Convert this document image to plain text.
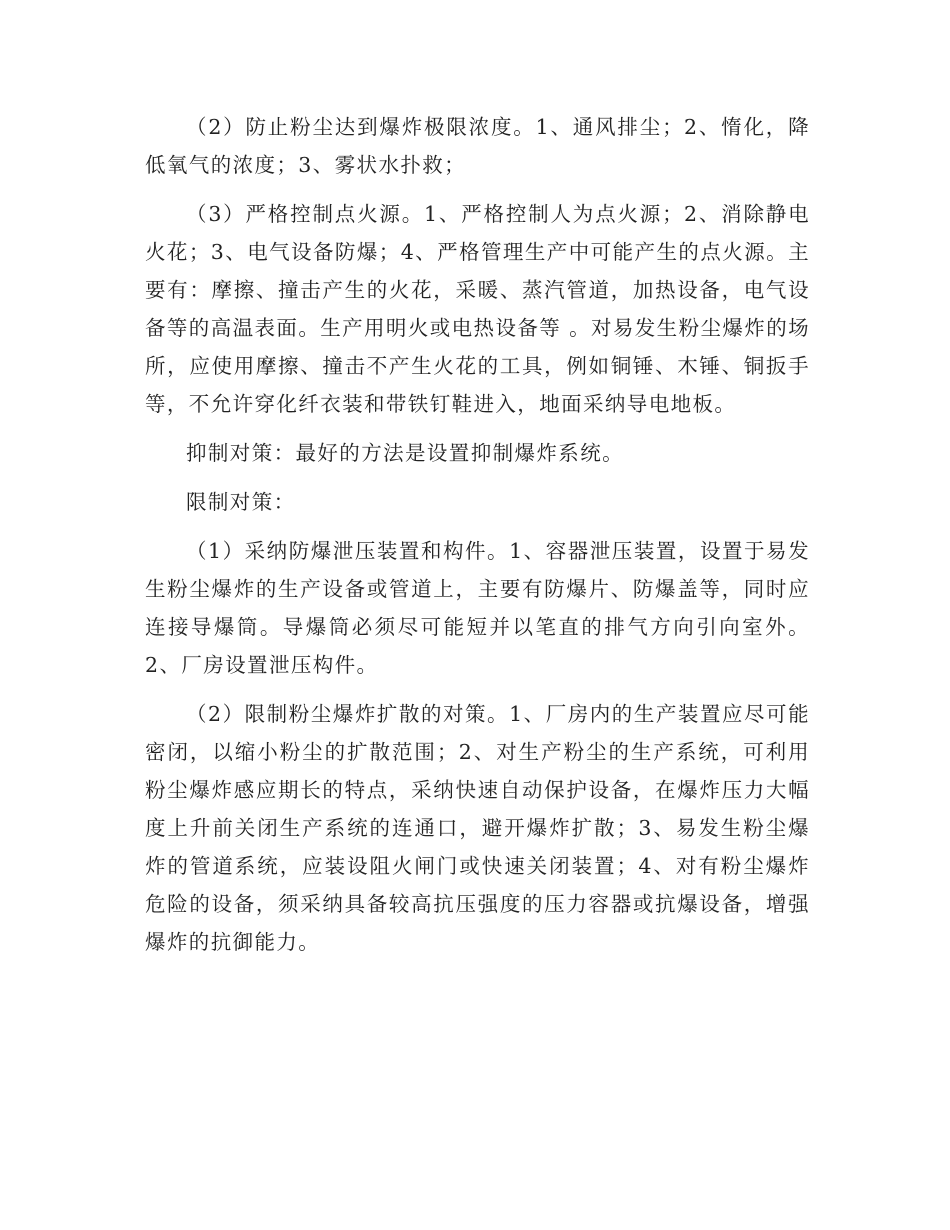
（2）防止粉尘达到爆炸极限浓度。1、通风排尘；2、惰化，降低氧气的浓度；3、雾状水扑救；

（3）严格控制点火源。1、严格控制人为点火源；2、消除静电火花；3、电气设备防爆；4、严格管理生产中可能产生的点火源。主要有：摩擦、撞击产生的火花，采暖、蒸汽管道，加热设备，电气设备等的高温表面。生产用明火或电热设备等 。对易发生粉尘爆炸的场所，应使用摩擦、撞击不产生火花的工具，例如铜锤、木锤、铜扳手等，不允许穿化纤衣装和带铁钉鞋进入，地面采纳导电地板。

抑制对策：最好的方法是设置抑制爆炸系统。

限制对策：

（1）采纳防爆泄压装置和构件。1、容器泄压装置，设置于易发生粉尘爆炸的生产设备或管道上，主要有防爆片、防爆盖等，同时应连接导爆筒。导爆筒必须尽可能短并以笔直的排气方向引向室外。2、厂房设置泄压构件。

（2）限制粉尘爆炸扩散的对策。1、厂房内的生产装置应尽可能密闭，以缩小粉尘的扩散范围；2、对生产粉尘的生产系统，可利用粉尘爆炸感应期长的特点，采纳快速自动保护设备，在爆炸压力大幅度上升前关闭生产系统的连通口，避开爆炸扩散；3、易发生粉尘爆炸的管道系统，应装设阻火闸门或快速关闭装置；4、对有粉尘爆炸危险的设备，须采纳具备较高抗压强度的压力容器或抗爆设备，增强爆炸的抗御能力。
